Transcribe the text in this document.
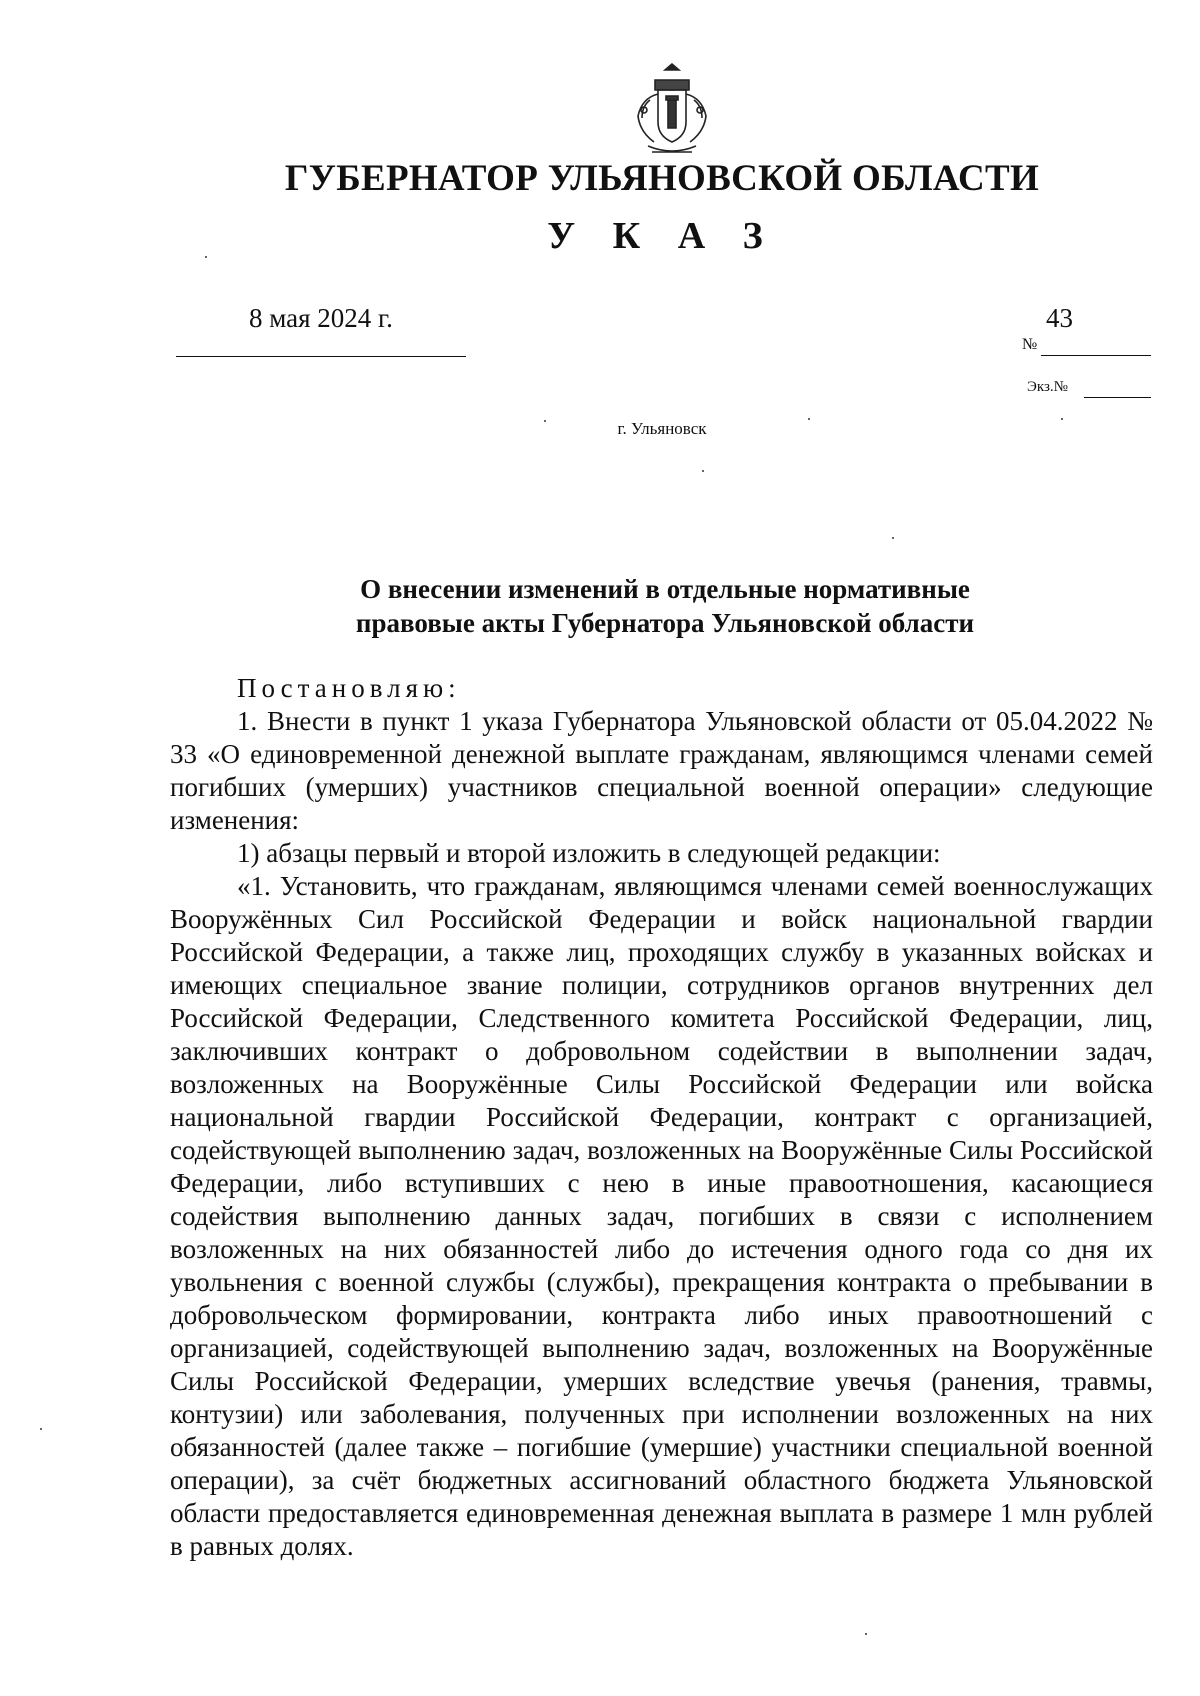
ГУБЕРНАТОР УЛЬЯНОВСКОЙ ОБЛАСТИ
У К А З
8 мая 2024 г.	43
№
Экз.№
г. Ульяновск
О внесении изменений в отдельные нормативные
правовые акты Губернатора Ульяновской области

Постановляю:

1. Внести в пункт 1 указа Губернатора Ульяновской области от 05.04.2022 № 33 «О единовременной денежной выплате гражданам, являющимся членами семей погибших (умерших) участников специальной военной операции» следующие изменения:

1) абзацы первый и второй изложить в следующей редакции:

«1. Установить, что гражданам, являющимся членами семей военнослужащих Вооружённых Сил Российской Федерации и войск национальной гвардии Российской Федерации, а также лиц, проходящих службу в указанных войсках и имеющих специальное звание полиции, сотрудников органов внутренних дел Российской Федерации, Следственного комитета Российской Федерации, лиц, заключивших контракт о добровольном содействии в выполнении задач, возложенных на Вооружённые Силы Российской Федерации или войска национальной гвардии Российской Федерации, контракт с организацией, содействующей выполнению задач, возложенных на Вооружённые Силы Российской Федерации, либо вступивших с нею в иные правоотношения, касающиеся содействия выполнению данных задач, погибших в связи с исполнением возложенных на них обязанностей либо до истечения одного года со дня их увольнения с военной службы (службы), прекращения контракта о пребывании в добровольческом формировании, контракта либо иных правоотношений с организацией, содействующей выполнению задач, возложенных на Вооружённые Силы Российской Федерации, умерших вследствие увечья (ранения, травмы, контузии) или заболевания, полученных при исполнении возложенных на них обязанностей (далее также – погибшие (умершие) участники специальной военной операции), за счёт бюджетных ассигнований областного бюджета Ульяновской области предоставляется единовременная денежная выплата в размере 1 млн рублей в равных долях.
